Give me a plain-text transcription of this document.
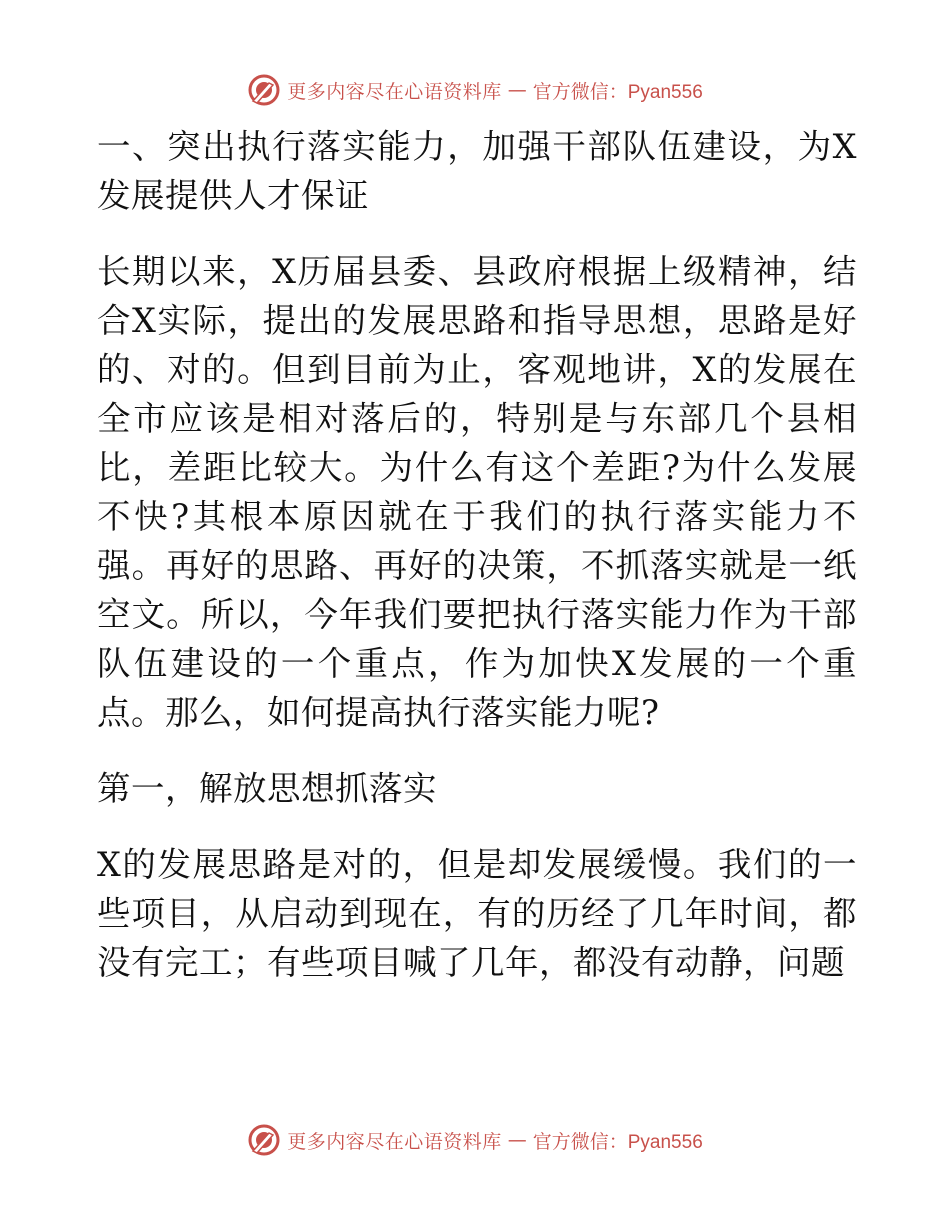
更多内容尽在心语资料库 — 官方微信：Pyan556

一、突出执行落实能力，加强干部队伍建设，为X发展提供人才保证

长期以来，X历届县委、县政府根据上级精神，结合X实际，提出的发展思路和指导思想，思路是好的、对的。但到目前为止，客观地讲，X的发展在全市应该是相对落后的，特别是与东部几个县相比，差距比较大。为什么有这个差距?为什么发展不快?其根本原因就在于我们的执行落实能力不强。再好的思路、再好的决策，不抓落实就是一纸空文。所以，今年我们要把执行落实能力作为干部队伍建设的一个重点，作为加快X发展的一个重点。那么，如何提高执行落实能力呢?

第一，解放思想抓落实

X的发展思路是对的，但是却发展缓慢。我们的一些项目，从启动到现在，有的历经了几年时间，都没有完工；有些项目喊了几年，都没有动静，问题

更多内容尽在心语资料库 — 官方微信：Pyan556
